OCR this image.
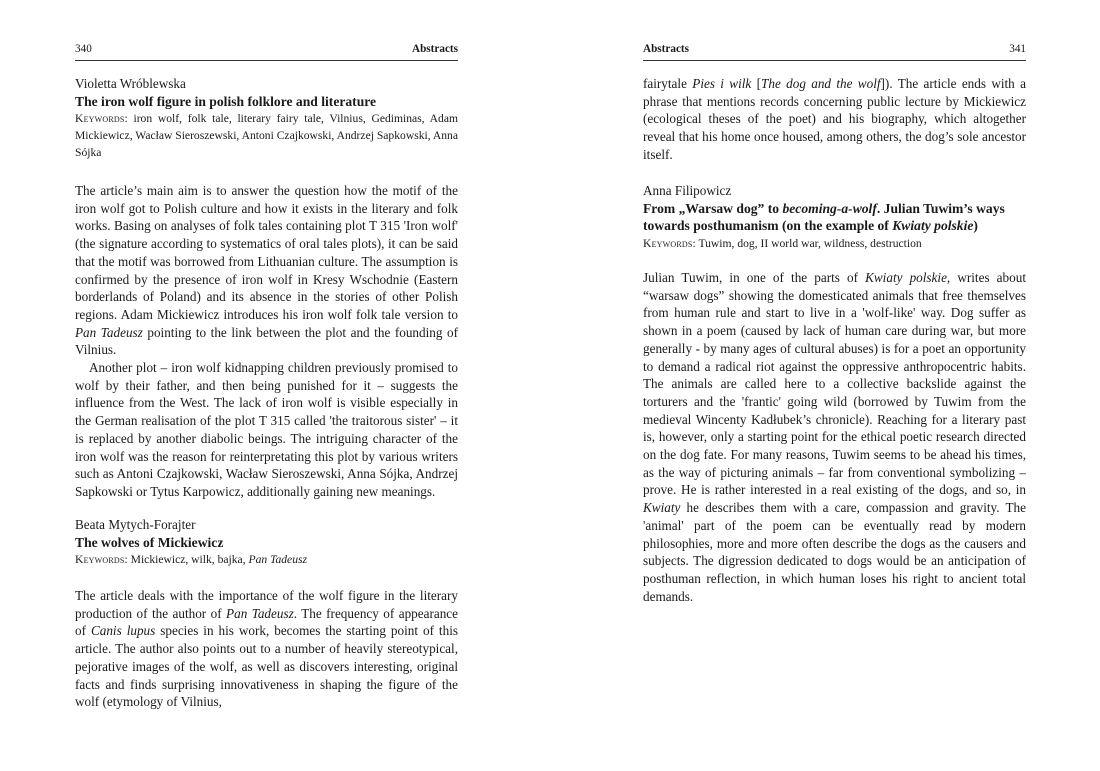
340	Abstracts

Violetta Wróblewska

The iron wolf figure in polish folklore and literature

Keywords: iron wolf, folk tale, literary fairy tale, Vilnius, Gediminas, Adam Mickiewicz, Wacław Sieroszewski, Antoni Czajkowski, Andrzej Sapkowski, Anna Sójka

The article’s main aim is to answer the question how the motif of the iron wolf got to Polish culture and how it exists in the literary and folk works. Basing on analyses of folk tales containing plot T 315 'Iron wolf' (the signature according to systematics of oral tales plots), it can be said that the motif was borrowed from Lithuanian culture. The assumption is confirmed by the presence of iron wolf in Kresy Wschodnie (Eastern borderlands of Poland) and its absence in the stories of other Polish regions. Adam Mickiewicz introduces his iron wolf folk tale version to Pan Tadeusz pointing to the link between the plot and the founding of Vilnius.

Another plot – iron wolf kidnapping children previously promised to wolf by their father, and then being punished for it – suggests the influence from the West. The lack of iron wolf is visible especially in the German realisation of the plot T 315 called 'the traitorous sister' – it is replaced by another diabolic beings. The intriguing character of the iron wolf was the reason for reinterpretating this plot by various writers such as Antoni Czajkowski, Wacław Sieroszewski, Anna Sójka, Andrzej Sapkowski or Tytus Karpowicz, additionally gaining new meanings.

Beata Mytych-Forajter

The wolves of Mickiewicz

Keywords: Mickiewicz, wilk, bajka, Pan Tadeusz

The article deals with the importance of the wolf figure in the literary production of the author of Pan Tadeusz. The frequency of appearance of Canis lupus species in his work, becomes the starting point of this article. The author also points out to a number of heavily stereotypical, pejorative images of the wolf, as well as discovers interesting, original facts and finds surprising innovativeness in shaping the figure of the wolf (etymology of Vilnius,

Abstracts	341

fairytale Pies i wilk [The dog and the wolf]). The article ends with a phrase that mentions records concerning public lecture by Mickiewicz (ecological theses of the poet) and his biography, which altogether reveal that his home once housed, among others, the dog’s sole ancestor itself.

Anna Filipowicz

From „Warsaw dog” to becoming-a-wolf. Julian Tuwim’s ways towards posthumanism (on the example of Kwiaty polskie)

Keywords: Tuwim, dog, II world war, wildness, destruction

Julian Tuwim, in one of the parts of Kwiaty polskie, writes about “warsaw dogs” showing the domesticated animals that free themselves from human rule and start to live in a 'wolf-like' way. Dog suffer as shown in a poem (caused by lack of human care during war, but more generally - by many ages of cultural abuses) is for a poet an opportunity to demand a radical riot against the oppressive anthropocentric habits. The animals are called here to a collective backslide against the torturers and the 'frantic' going wild (borrowed by Tuwim from the medieval Wincenty Kadłubek’s chronicle). Reaching for a literary past is, however, only a starting point for the ethical poetic research directed on the dog fate. For many reasons, Tuwim seems to be ahead his times, as the way of picturing animals – far from conventional symbolizing – prove. He is rather interested in a real existing of the dogs, and so, in Kwiaty he describes them with a care, compassion and gravity. The 'animal' part of the poem can be eventually read by modern philosophies, more and more often describe the dogs as the causers and subjects. The digression dedicated to dogs would be an anticipation of posthuman reflection, in which human loses his right to ancient total demands.
